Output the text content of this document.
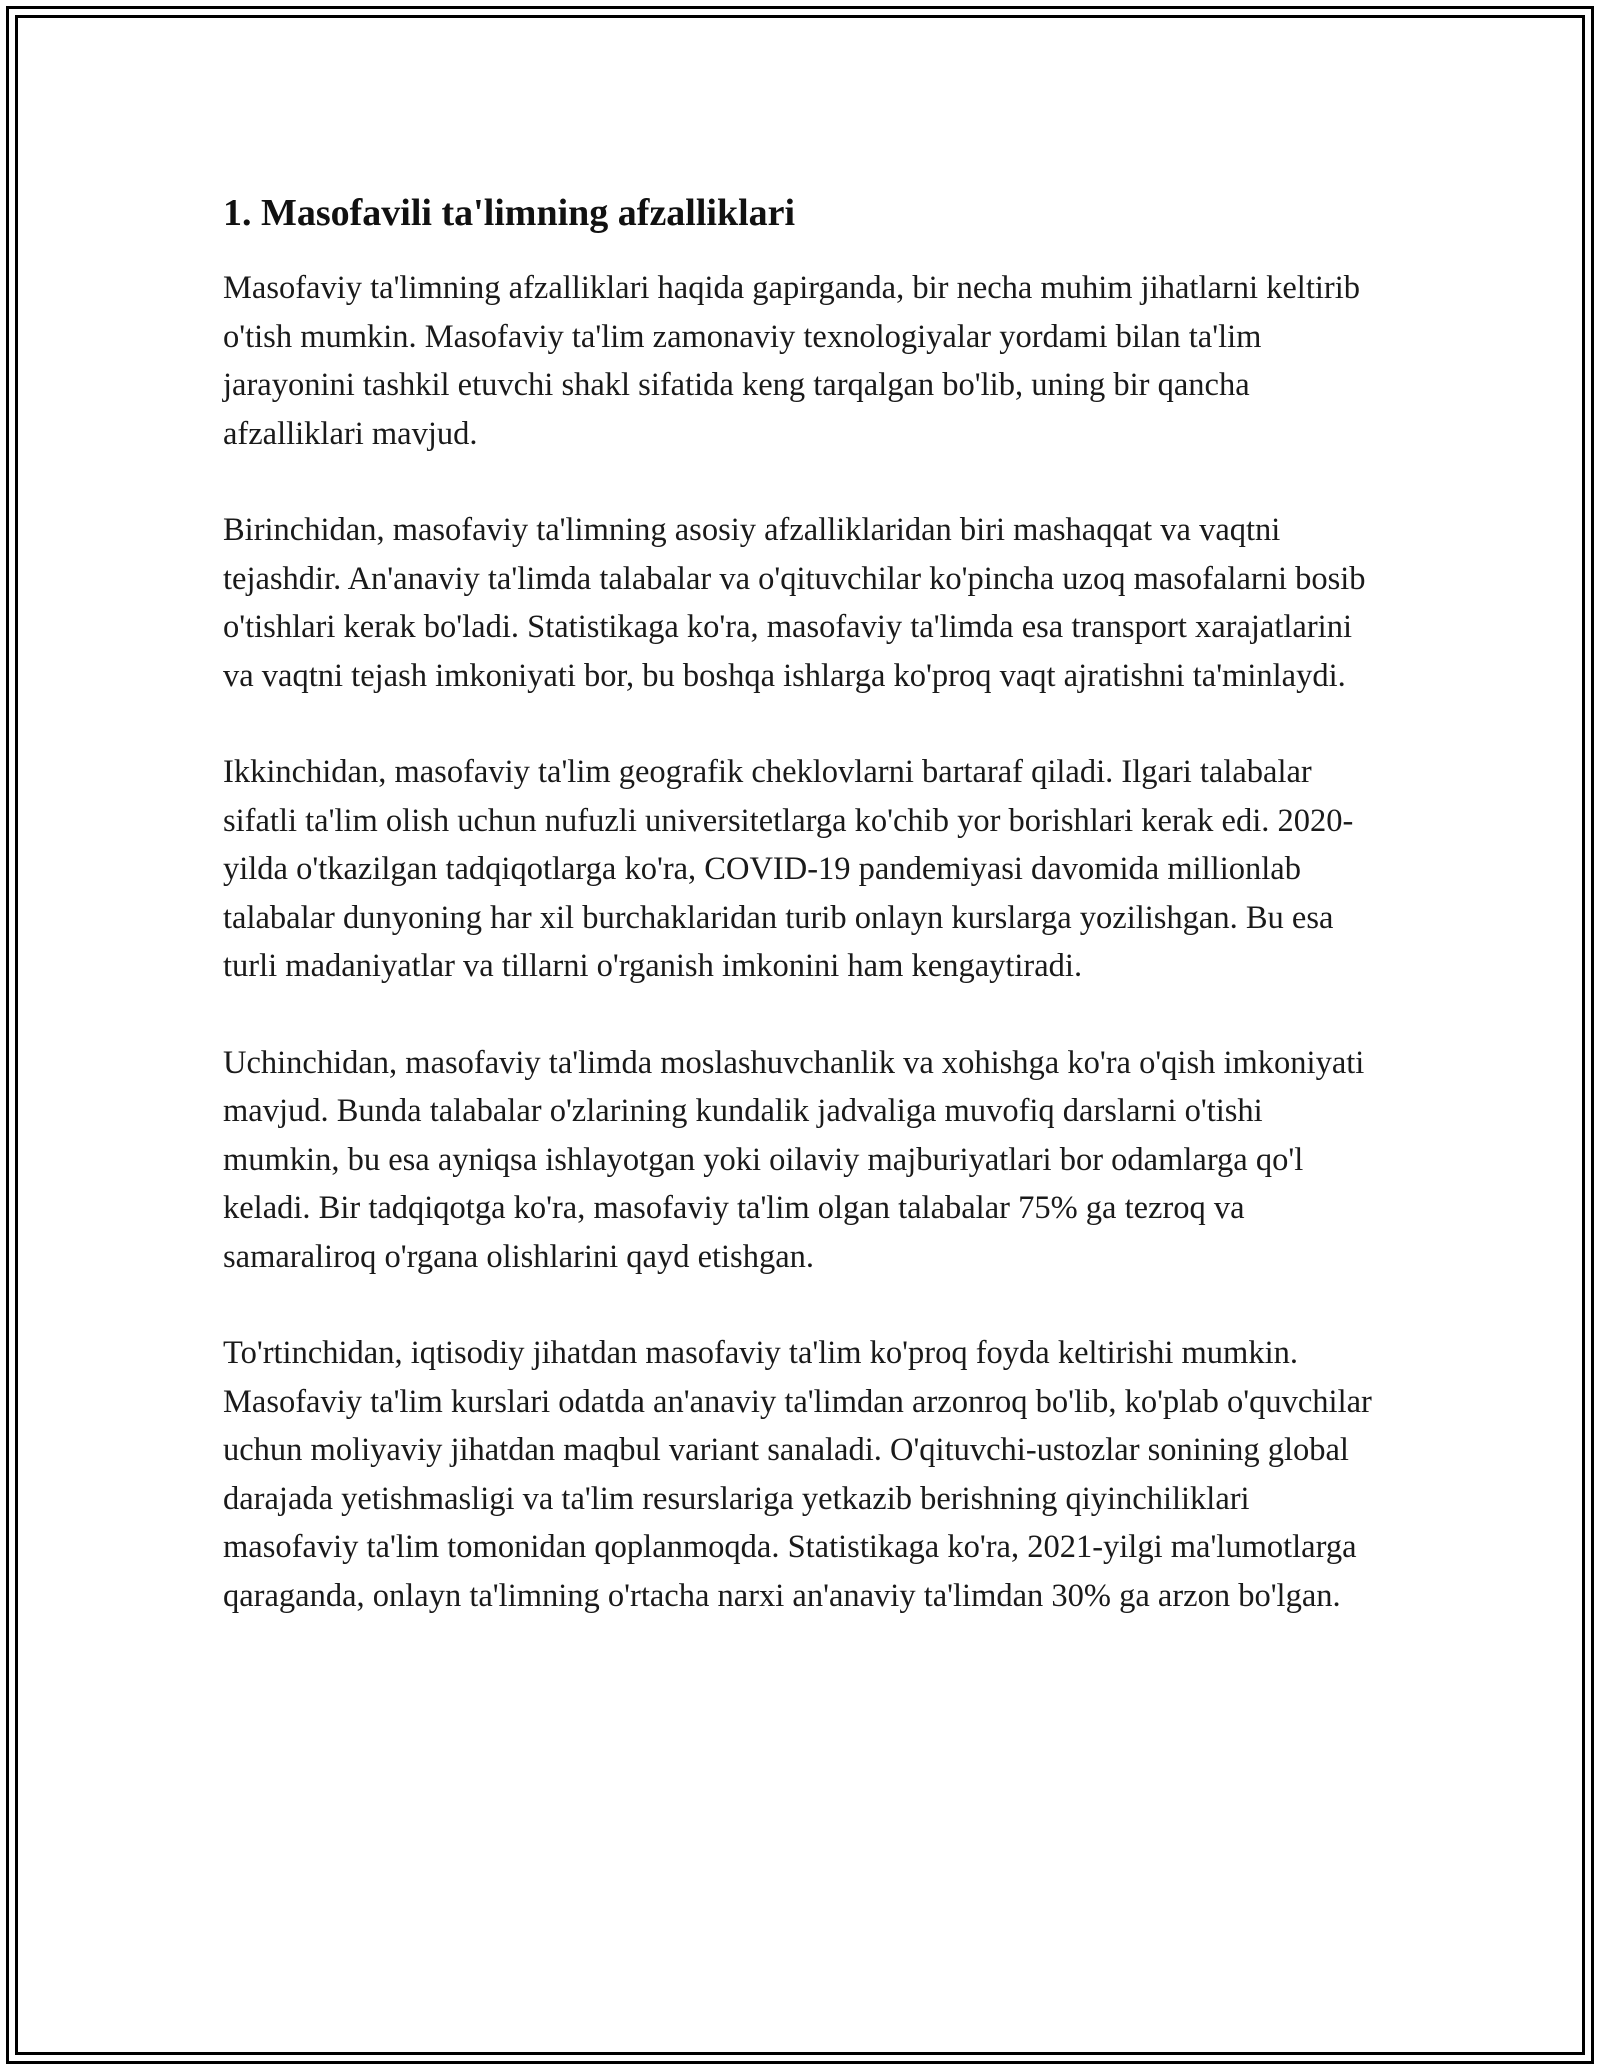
1. Masofavili ta'limning afzalliklari

Masofaviy ta'limning afzalliklari haqida gapirganda, bir necha muhim jihatlarni keltirib o'tish mumkin. Masofaviy ta'lim zamonaviy texnologiyalar yordami bilan ta'lim jarayonini tashkil etuvchi shakl sifatida keng tarqalgan bo'lib, uning bir qancha afzalliklari mavjud.

Birinchidan, masofaviy ta'limning asosiy afzalliklaridan biri mashaqqat va vaqtni tejashdir. An'anaviy ta'limda talabalar va o'qituvchilar ko'pincha uzoq masofalarni bosib o'tishlari kerak bo'ladi. Statistikaga ko'ra, masofaviy ta'limda esa transport xarajatlarini va vaqtni tejash imkoniyati bor, bu boshqa ishlarga ko'proq vaqt ajratishni ta'minlaydi.

Ikkinchidan, masofaviy ta'lim geografik cheklovlarni bartaraf qiladi. Ilgari talabalar sifatli ta'lim olish uchun nufuzli universitetlarga ko'chib yor borishlari kerak edi. 2020-yilda o'tkazilgan tadqiqotlarga ko'ra, COVID-19 pandemiyasi davomida millionlab talabalar dunyoning har xil burchaklaridan turib onlayn kurslarga yozilishgan. Bu esa turli madaniyatlar va tillarni o'rganish imkonini ham kengaytiradi.

Uchinchidan, masofaviy ta'limda moslashuvchanlik va xohishga ko'ra o'qish imkoniyati mavjud. Bunda talabalar o'zlarining kundalik jadvaliga muvofiq darslarni o'tishi mumkin, bu esa ayniqsa ishlayotgan yoki oilaviy majburiyatlari bor odamlarga qo'l keladi. Bir tadqiqotga ko'ra, masofaviy ta'lim olgan talabalar 75% ga tezroq va samaraliroq o'rgana olishlarini qayd etishgan.

To'rtinchidan, iqtisodiy jihatdan masofaviy ta'lim ko'proq foyda keltirishi mumkin. Masofaviy ta'lim kurslari odatda an'anaviy ta'limdan arzonroq bo'lib, ko'plab o'quvchilar uchun moliyaviy jihatdan maqbul variant sanaladi. O'qituvchi-ustozlar sonining global darajada yetishmasligi va ta'lim resurslariga yetkazib berishning qiyinchiliklari masofaviy ta'lim tomonidan qoplanmoqda. Statistikaga ko'ra, 2021-yilgi ma'lumotlarga qaraganda, onlayn ta'limning o'rtacha narxi an'anaviy ta'limdan 30% ga arzon bo'lgan.
